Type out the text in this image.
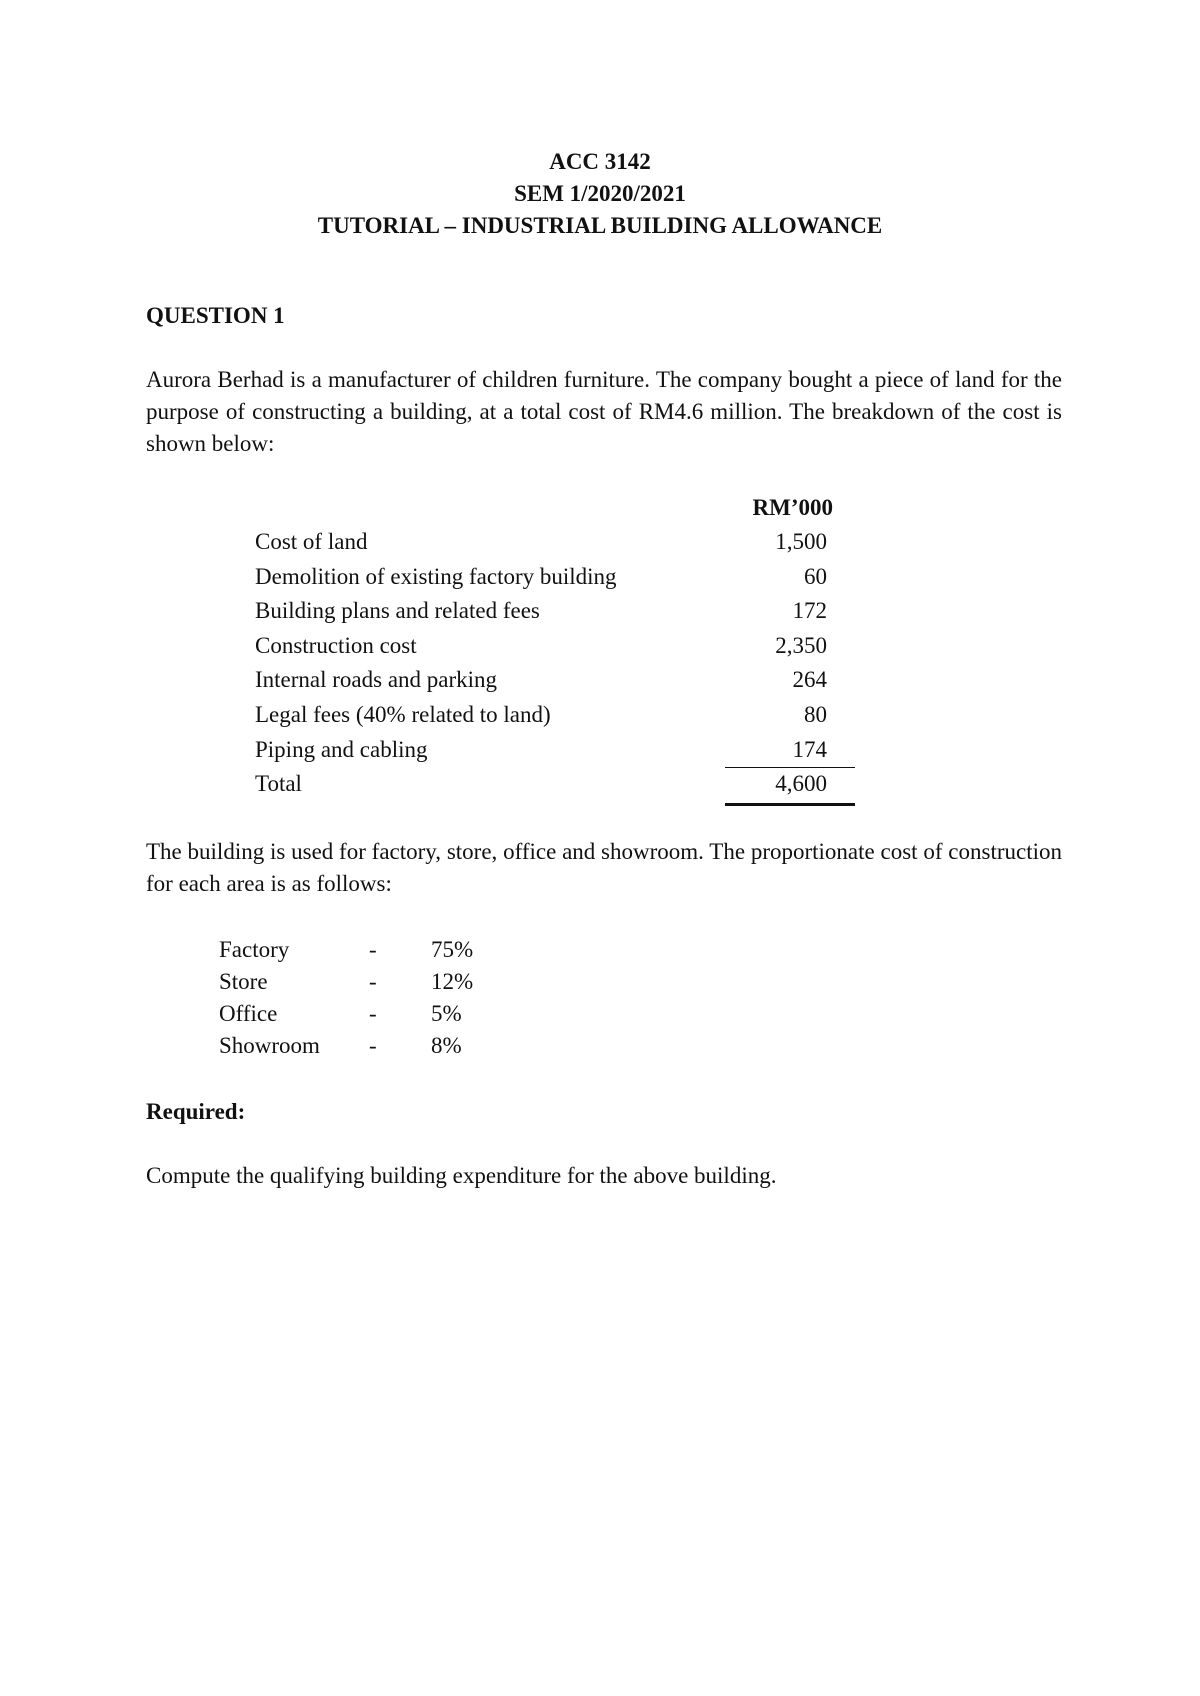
ACC 3142
SEM 1/2020/2021
TUTORIAL – INDUSTRIAL BUILDING ALLOWANCE
QUESTION 1
Aurora Berhad is a manufacturer of children furniture. The company bought a piece of land for the purpose of constructing a building, at a total cost of RM4.6 million. The breakdown of the cost is shown below:
RM’000
Cost of land	1,500
Demolition of existing factory building	60
Building plans and related fees	172
Construction cost	2,350
Internal roads and parking	264
Legal fees (40% related to land)	80
Piping and cabling	174
Total	4,600
The building is used for factory, store, office and showroom. The proportionate cost of construction for each area is as follows:
Factory	- 75%
Store	- 12%
Office	- 5%
Showroom - 8%
Required:
Compute the qualifying building expenditure for the above building.
